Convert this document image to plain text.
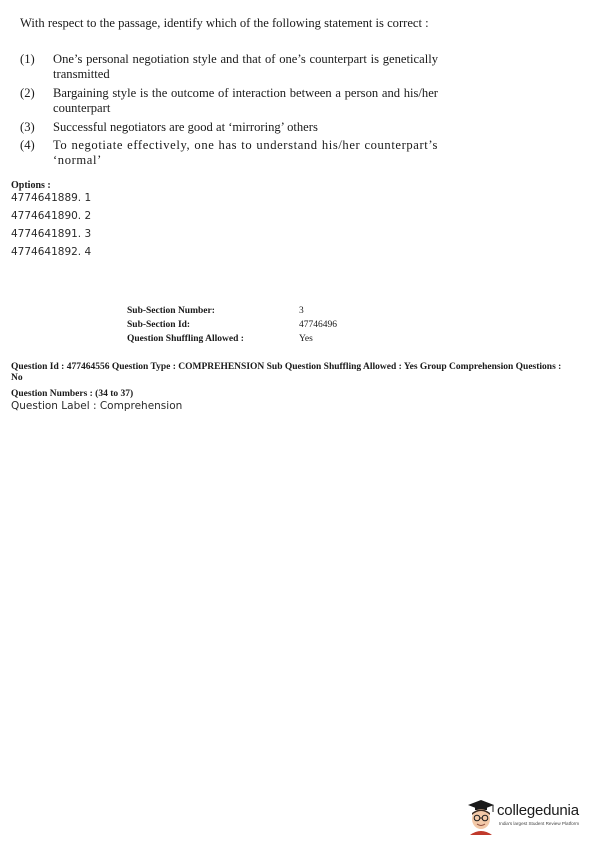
With respect to the passage, identify which of the following statement is correct :
(1)	One’s personal negotiation style and that of one’s counterpart is genetically transmitted
(2)	Bargaining style is the outcome of interaction between a person and his/her counterpart
(3)	Successful negotiators are good at ‘mirroring’ others
(4)	To negotiate effectively, one has to understand his/her counterpart’s ‘normal’
Options :
4774641889. 1
4774641890. 2
4774641891. 3
4774641892. 4
Sub-Section Number:	3
Sub-Section Id:	47746496
Question Shuffling Allowed :	Yes
Question Id : 477464556 Question Type : COMPREHENSION Sub Question Shuffling Allowed : Yes Group Comprehension Questions : No
Question Numbers : (34 to 37)
Question Label : Comprehension
collegedunia
India's largest Student Review Platform
